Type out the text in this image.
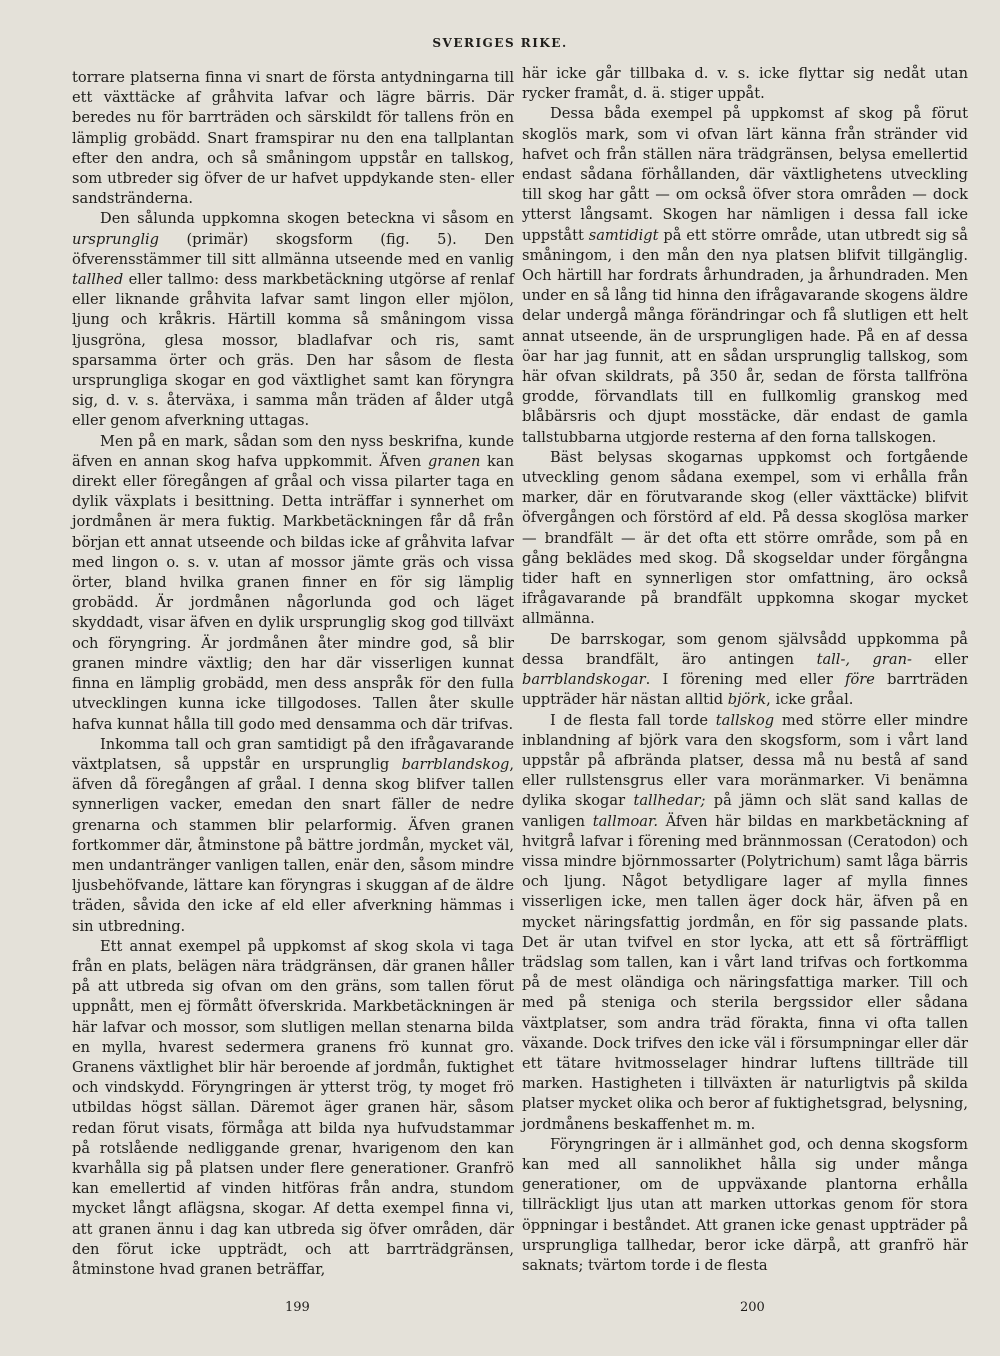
SVERIGES RIKE.

torrare platserna finna vi snart de första antydningarna till ett växttäcke af gråhvita lafvar och lägre bärris. Där beredes nu för barrträden och särskildt för tallens frön en lämplig grobädd. Snart framspirar nu den ena tallplantan efter den andra, och så småningom uppstår en tallskog, som utbreder sig öfver de ur hafvet uppdykande sten- eller sandstränderna.

Den sålunda uppkomna skogen beteckna vi såsom en ursprunglig (primär) skogsform (fig. 5). Den öfverensstämmer till sitt allmänna utseende med en vanlig tallhed eller tallmo: dess markbetäckning utgörse af renlaf eller liknande gråhvita lafvar samt lingon eller mjölon, ljung och kråkris. Härtill komma så småningom vissa ljusgröna, glesa mossor, bladlafvar och ris, samt sparsamma örter och gräs. Den har såsom de flesta ursprungliga skogar en god växtlighet samt kan föryngra sig, d. v. s. återväxa, i samma mån träden af ålder utgå eller genom afverkning uttagas.

Men på en mark, sådan som den nyss beskrifna, kunde äfven en annan skog hafva uppkommit. Äfven granen kan direkt eller föregången af gråal och vissa pilarter taga en dylik växplats i besittning. Detta inträffar i synnerhet om jordmånen är mera fuktig. Markbetäckningen får då från början ett annat utseende och bildas icke af gråhvita lafvar med lingon o. s. v. utan af mossor jämte gräs och vissa örter, bland hvilka granen finner en för sig lämplig grobädd. Är jordmånen någorlunda god och läget skyddadt, visar äfven en dylik ursprunglig skog god tillväxt och föryngring. Är jordmånen åter mindre god, så blir granen mindre växtlig; den har där visserligen kunnat finna en lämplig grobädd, men dess anspråk för den fulla utvecklingen kunna icke tillgodoses. Tallen åter skulle hafva kunnat hålla till godo med densamma och där trifvas.

Inkomma tall och gran samtidigt på den ifrågavarande växtplatsen, så uppstår en ursprunglig barrblandskog, äfven då föregången af gråal. I denna skog blifver tallen synnerligen vacker, emedan den snart fäller de nedre grenarna och stammen blir pelarformig. Äfven granen fortkommer där, åtminstone på bättre jordmån, mycket väl, men undantränger vanligen tallen, enär den, såsom mindre ljusbehöfvande, lättare kan föryngras i skuggan af de äldre träden, såvida den icke af eld eller afverkning hämmas i sin utbredning.

Ett annat exempel på uppkomst af skog skola vi taga från en plats, belägen nära trädgränsen, där granen håller på att utbreda sig ofvan om den gräns, som tallen förut uppnått, men ej förmått öfverskrida. Markbetäckningen är här lafvar och mossor, som slutligen mellan stenarna bilda en mylla, hvarest sedermera granens frö kunnat gro. Granens växtlighet blir här beroende af jordmån, fuktighet och vindskydd. Föryngringen är ytterst trög, ty moget frö utbildas högst sällan. Däremot äger granen här, såsom redan förut visats, förmåga att bilda nya hufvudstammar på rotslående nedliggande grenar, hvarigenom den kan kvarhålla sig på platsen under flere generationer. Granfrö kan emellertid af vinden hitföras från andra, stundom mycket långt aflägsna, skogar. Af detta exempel finna vi, att granen ännu i dag kan utbreda sig öfver områden, där den förut icke uppträdt, och att barrträdgränsen, åtminstone hvad granen beträffar,

här icke går tillbaka d. v. s. icke flyttar sig nedåt utan rycker framåt, d. ä. stiger uppåt.

Dessa båda exempel på uppkomst af skog på förut skoglös mark, som vi ofvan lärt känna från stränder vid hafvet och från ställen nära trädgränsen, belysa emellertid endast sådana förhållanden, där växtlighetens utveckling till skog har gått — om också öfver stora områden — dock ytterst långsamt. Skogen har nämligen i dessa fall icke uppstått samtidigt på ett större område, utan utbredt sig så småningom, i den mån den nya platsen blifvit tillgänglig. Och härtill har fordrats århundraden, ja århundraden. Men under en så lång tid hinna den ifrågavarande skogens äldre delar undergå många förändringar och få slutligen ett helt annat utseende, än de ursprungligen hade. På en af dessa öar har jag funnit, att en sådan ursprunglig tallskog, som här ofvan skildrats, på 350 år, sedan de första tallfröna grodde, förvandlats till en fullkomlig granskog med blåbärsris och djupt mosstäcke, där endast de gamla tallstubbarna utgjorde resterna af den forna tallskogen.

Bäst belysas skogarnas uppkomst och fortgående utveckling genom sådana exempel, som vi erhålla från marker, där en förutvarande skog (eller växttäcke) blifvit öfvergången och förstörd af eld. På dessa skoglösa marker — brandfält — är det ofta ett större område, som på en gång beklädes med skog. Då skogseldar under förgångna tider haft en synnerligen stor omfattning, äro också ifrågavarande på brandfält uppkomna skogar mycket allmänna.

De barrskogar, som genom självsådd uppkomma på dessa brandfält, äro antingen tall-, gran- eller barrblandskogar. I förening med eller före barrträden uppträder här nästan alltid björk, icke gråal.

I de flesta fall torde tallskog med större eller mindre inblandning af björk vara den skogsform, som i vårt land uppstår på afbrända platser, dessa må nu bestå af sand eller rullstensgrus eller vara moränmarker. Vi benämna dylika skogar tallhedar; på jämn och slät sand kallas de vanligen tallmoar. Äfven här bildas en markbetäckning af hvitgrå lafvar i förening med brännmossan (Ceratodon) och vissa mindre björnmossarter (Polytrichum) samt låga bärris och ljung. Något betydligare lager af mylla finnes visserligen icke, men tallen äger dock här, äfven på en mycket näringsfattig jordmån, en för sig passande plats. Det är utan tvifvel en stor lycka, att ett så förträffligt trädslag som tallen, kan i vårt land trifvas och fortkomma på de mest oländiga och näringsfattiga marker. Till och med på steniga och sterila bergssidor eller sådana växtplatser, som andra träd förakta, finna vi ofta tallen växande. Dock trifves den icke väl i försumpningar eller där ett tätare hvitmosselager hindrar luftens tillträde till marken. Hastigheten i tillväxten är naturligtvis på skilda platser mycket olika och beror af fuktighetsgrad, belysning, jordmånens beskaffenhet m. m.

Föryngringen är i allmänhet god, och denna skogsform kan med all sannolikhet hålla sig under många generationer, om de uppväxande plantorna erhålla tillräckligt ljus utan att marken uttorkas genom för stora öppningar i beståndet. Att granen icke genast uppträder på ursprungliga tallhedar, beror icke därpå, att granfrö här saknats; tvärtom torde i de flesta

199	200
